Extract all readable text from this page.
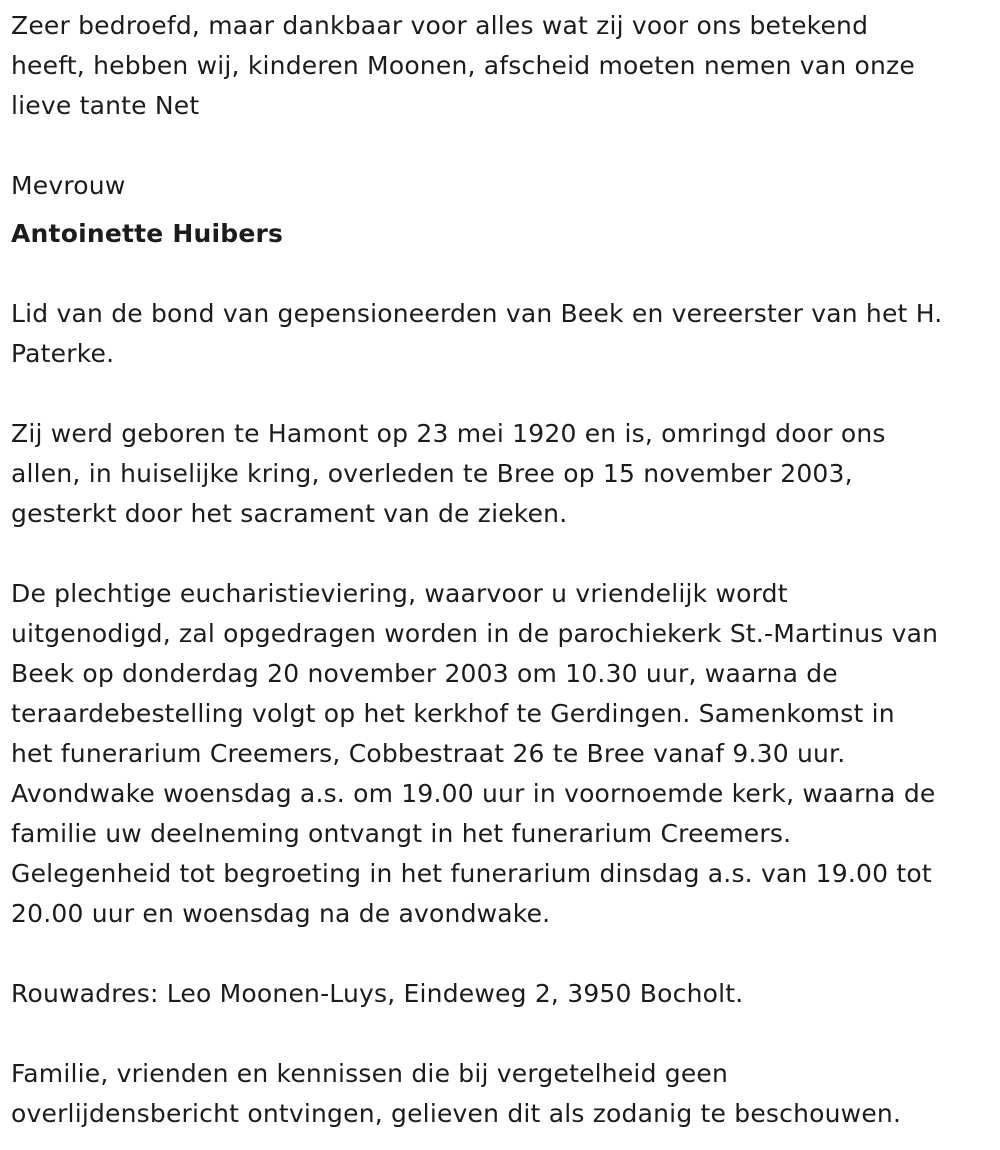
Zeer bedroefd, maar dankbaar voor alles wat zij voor ons betekend

heeft, hebben wij, kinderen Moonen, afscheid moeten nemen van onze

lieve tante Net

Mevrouw

Antoinette Huibers

Lid van de bond van gepensioneerden van Beek en vereerster van het H.

Paterke.

Zij werd geboren te Hamont op 23 mei 1920 en is, omringd door ons

allen, in huiselijke kring, overleden te Bree op 15 november 2003,

gesterkt door het sacrament van de zieken.

De plechtige eucharistieviering, waarvoor u vriendelijk wordt

uitgenodigd, zal opgedragen worden in de parochiekerk St.-Martinus van

Beek op donderdag 20 november 2003 om 10.30 uur, waarna de

teraardebestelling volgt op het kerkhof te Gerdingen. Samenkomst in

het funerarium Creemers, Cobbestraat 26 te Bree vanaf 9.30 uur.

Avondwake woensdag a.s. om 19.00 uur in voornoemde kerk, waarna de

familie uw deelneming ontvangt in het funerarium Creemers.

Gelegenheid tot begroeting in het funerarium dinsdag a.s. van 19.00 tot

20.00 uur en woensdag na de avondwake.

Rouwadres: Leo Moonen-Luys, Eindeweg 2, 3950 Bocholt.

Familie, vrienden en kennissen die bij vergetelheid geen

overlijdensbericht ontvingen, gelieven dit als zodanig te beschouwen.
